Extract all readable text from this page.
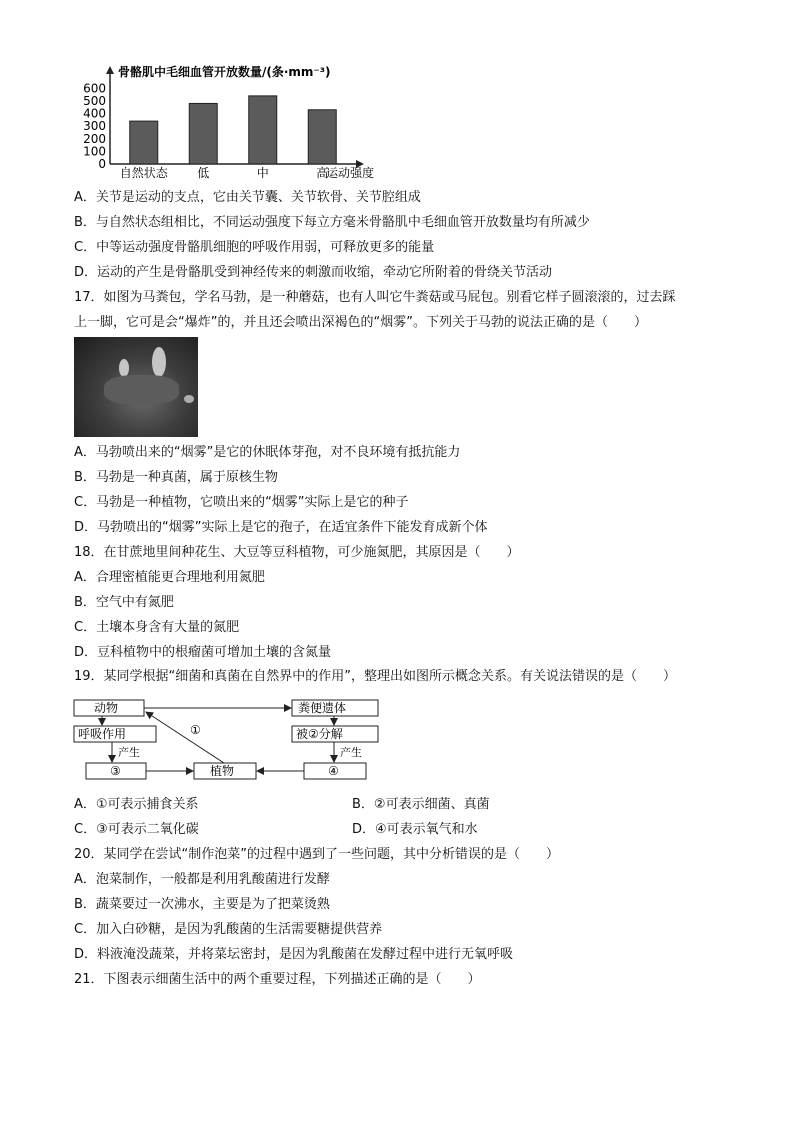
骨骼肌中毛细血管开放数量/(条·mm⁻³)
600
500
400
300
200
100
0
自然状态 低	中	高
运动强度
A．关节是运动的支点，它由关节囊、关节软骨、关节腔组成
B．与自然状态组相比，不同运动强度下每立方毫米骨骼肌中毛细血管开放数量均有所减少
C．中等运动强度骨骼肌细胞的呼吸作用弱，可释放更多的能量
D．运动的产生是骨骼肌受到神经传来的刺激而收缩，牵动它所附着的骨绕关节活动
17．如图为马粪包，学名马勃，是一种蘑菇，也有人叫它牛粪菇或马屁包。别看它样子圆滚滚的，过去踩
上一脚，它可是会“爆炸”的，并且还会喷出深褐色的“烟雾”。下列关于马勃的说法正确的是（　　）
A．马勃喷出来的“烟雾”是它的休眠体芽孢，对不良环境有抵抗能力
B．马勃是一种真菌，属于原核生物
C．马勃是一种植物，它喷出来的“烟雾”实际上是它的种子
D．马勃喷出的“烟雾”实际上是它的孢子，在适宜条件下能发育成新个体
18．在甘蔗地里间种花生、大豆等豆科植物，可少施氮肥，其原因是（　　）
A．合理密植能更合理地利用氮肥
B．空气中有氮肥
C．土壤本身含有大量的氮肥
D．豆科植物中的根瘤菌可增加土壤的含氮量
19．某同学根据“细菌和真菌在自然界中的作用”，整理出如图所示概念关系。有关说法错误的是（　　）
动物	粪便遗体
呼吸作用	被②分解
③	植物	④
产生	产生
①
A．①可表示捕食关系	B．②可表示细菌、真菌
C．③可表示二氧化碳	D．④可表示氧气和水
20．某同学在尝试“制作泡菜”的过程中遇到了一些问题，其中分析错误的是（　　）
A．泡菜制作，一般都是利用乳酸菌进行发酵
B．蔬菜要过一次沸水，主要是为了把菜烫熟
C．加入白砂糖，是因为乳酸菌的生活需要糖提供营养
D．料液淹没蔬菜，并将菜坛密封，是因为乳酸菌在发酵过程中进行无氧呼吸
21．下图表示细菌生活中的两个重要过程，下列描述正确的是（　　）
